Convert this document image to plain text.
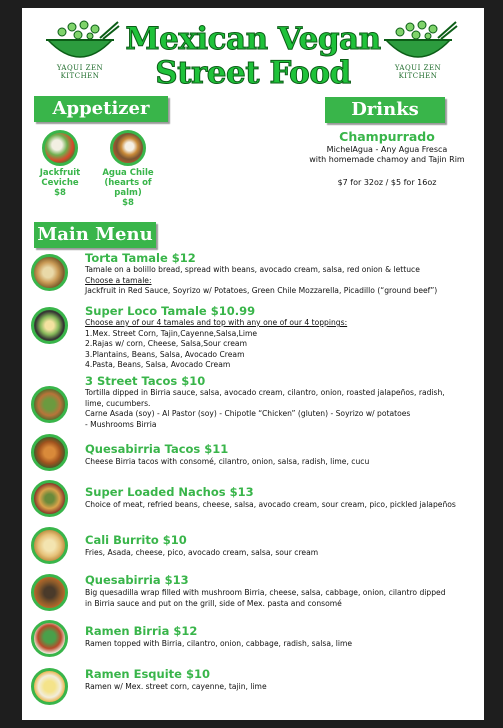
YAQUI ZEN KITCHEN
YAQUI ZEN KITCHEN
Mexican Vegan
Street Food
Appetizer
Jackfruit Ceviche
$8
Agua Chile (hearts of palm)
$8
Drinks
Champurrado
MichelAgua - Any Agua Fresca
with homemade chamoy and Tajin Rim
$7 for 32oz / $5 for 16oz
Main Menu
Torta Tamale $12
Tamale on a bolillo bread, spread with beans, avocado cream, salsa, red onion & lettuce
Choose a tamale:
Jackfruit in Red Sauce, Soyrizo w/ Potatoes, Green Chile Mozzarella, Picadillo (“ground beef”)
Super Loco Tamale $10.99
Choose any of our 4 tamales and top with any one of our 4 toppings:
1.Mex. Street Corn, Tajin,Cayenne,Salsa,Lime
2.Rajas w/ corn, Cheese, Salsa,Sour cream
3.Plantains, Beans, Salsa, Avocado Cream
4.Pasta, Beans, Salsa, Avocado Cream
3 Street Tacos $10
Tortilla dipped in Birria sauce, salsa, avocado cream, cilantro, onion, roasted jalapeños, radish,
lime, cucumbers.
Carne Asada (soy) - Al Pastor (soy) - Chipotle “Chicken” (gluten) - Soyrizo w/ potatoes
- Mushrooms Birria
Quesabirria Tacos $11
Cheese Birria tacos with consomé, cilantro, onion, salsa, radish, lime, cucu
Super Loaded Nachos $13
Choice of meat, refried beans, cheese, salsa, avocado cream, sour cream, pico, pickled jalapeños
Cali Burrito $10
Fries, Asada, cheese, pico, avocado cream, salsa, sour cream
Quesabirria $13
Big quesadilla wrap filled with mushroom Birria, cheese, salsa, cabbage, onion, cilantro dipped
in Birria sauce and put on the grill, side of Mex. pasta and consomé
Ramen Birria $12
Ramen topped with Birria, cilantro, onion, cabbage, radish, salsa, lime
Ramen Esquite $10
Ramen w/ Mex. street corn, cayenne, tajin, lime
